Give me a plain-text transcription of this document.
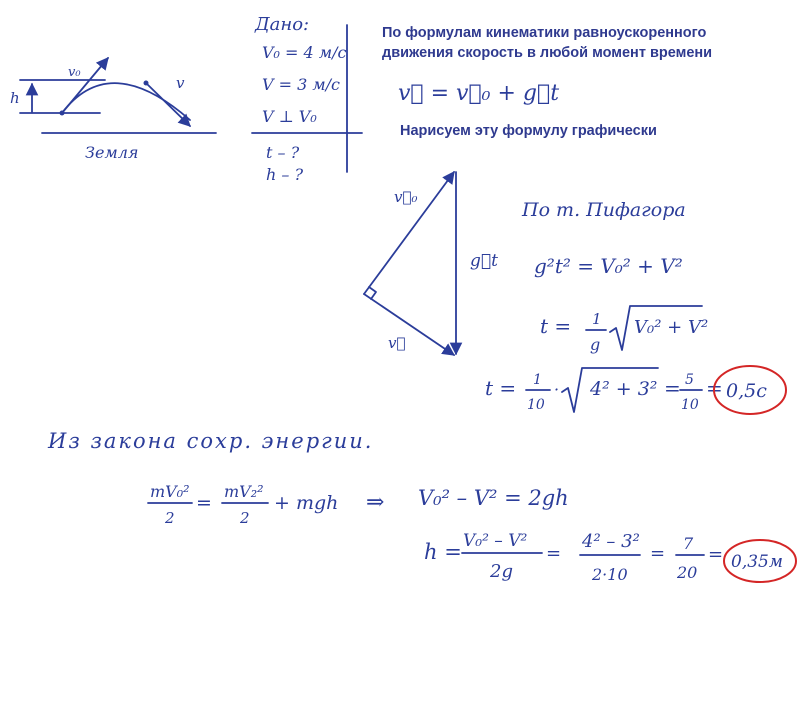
v₀
v
h
Земля
Дано:
V₀ = 4 м/с
V = 3 м/с
V ⊥ V₀
t – ?
h – ?
По формулам кинематики равноускоренного
движения скорость в любой момент времени
v⃗ = v⃗₀ + g⃗t
Нарисуем эту формулу графически
v⃗₀
g⃗t
v⃗
По т. Пифагора
g²t² = V₀² + V²
t = 1
g
V₀² + V²
t = 1
10
· 4² + 3² = 5
10
= 0,5c
Из закона сохр. энергии.
mV₀²
2
=
mV₂²
2
+ mgh ⇒ V₀² – V² = 2gh
h = V₀² – V²
2g
=
4² – 3²
2·10
= 7
20
= 0,35м
